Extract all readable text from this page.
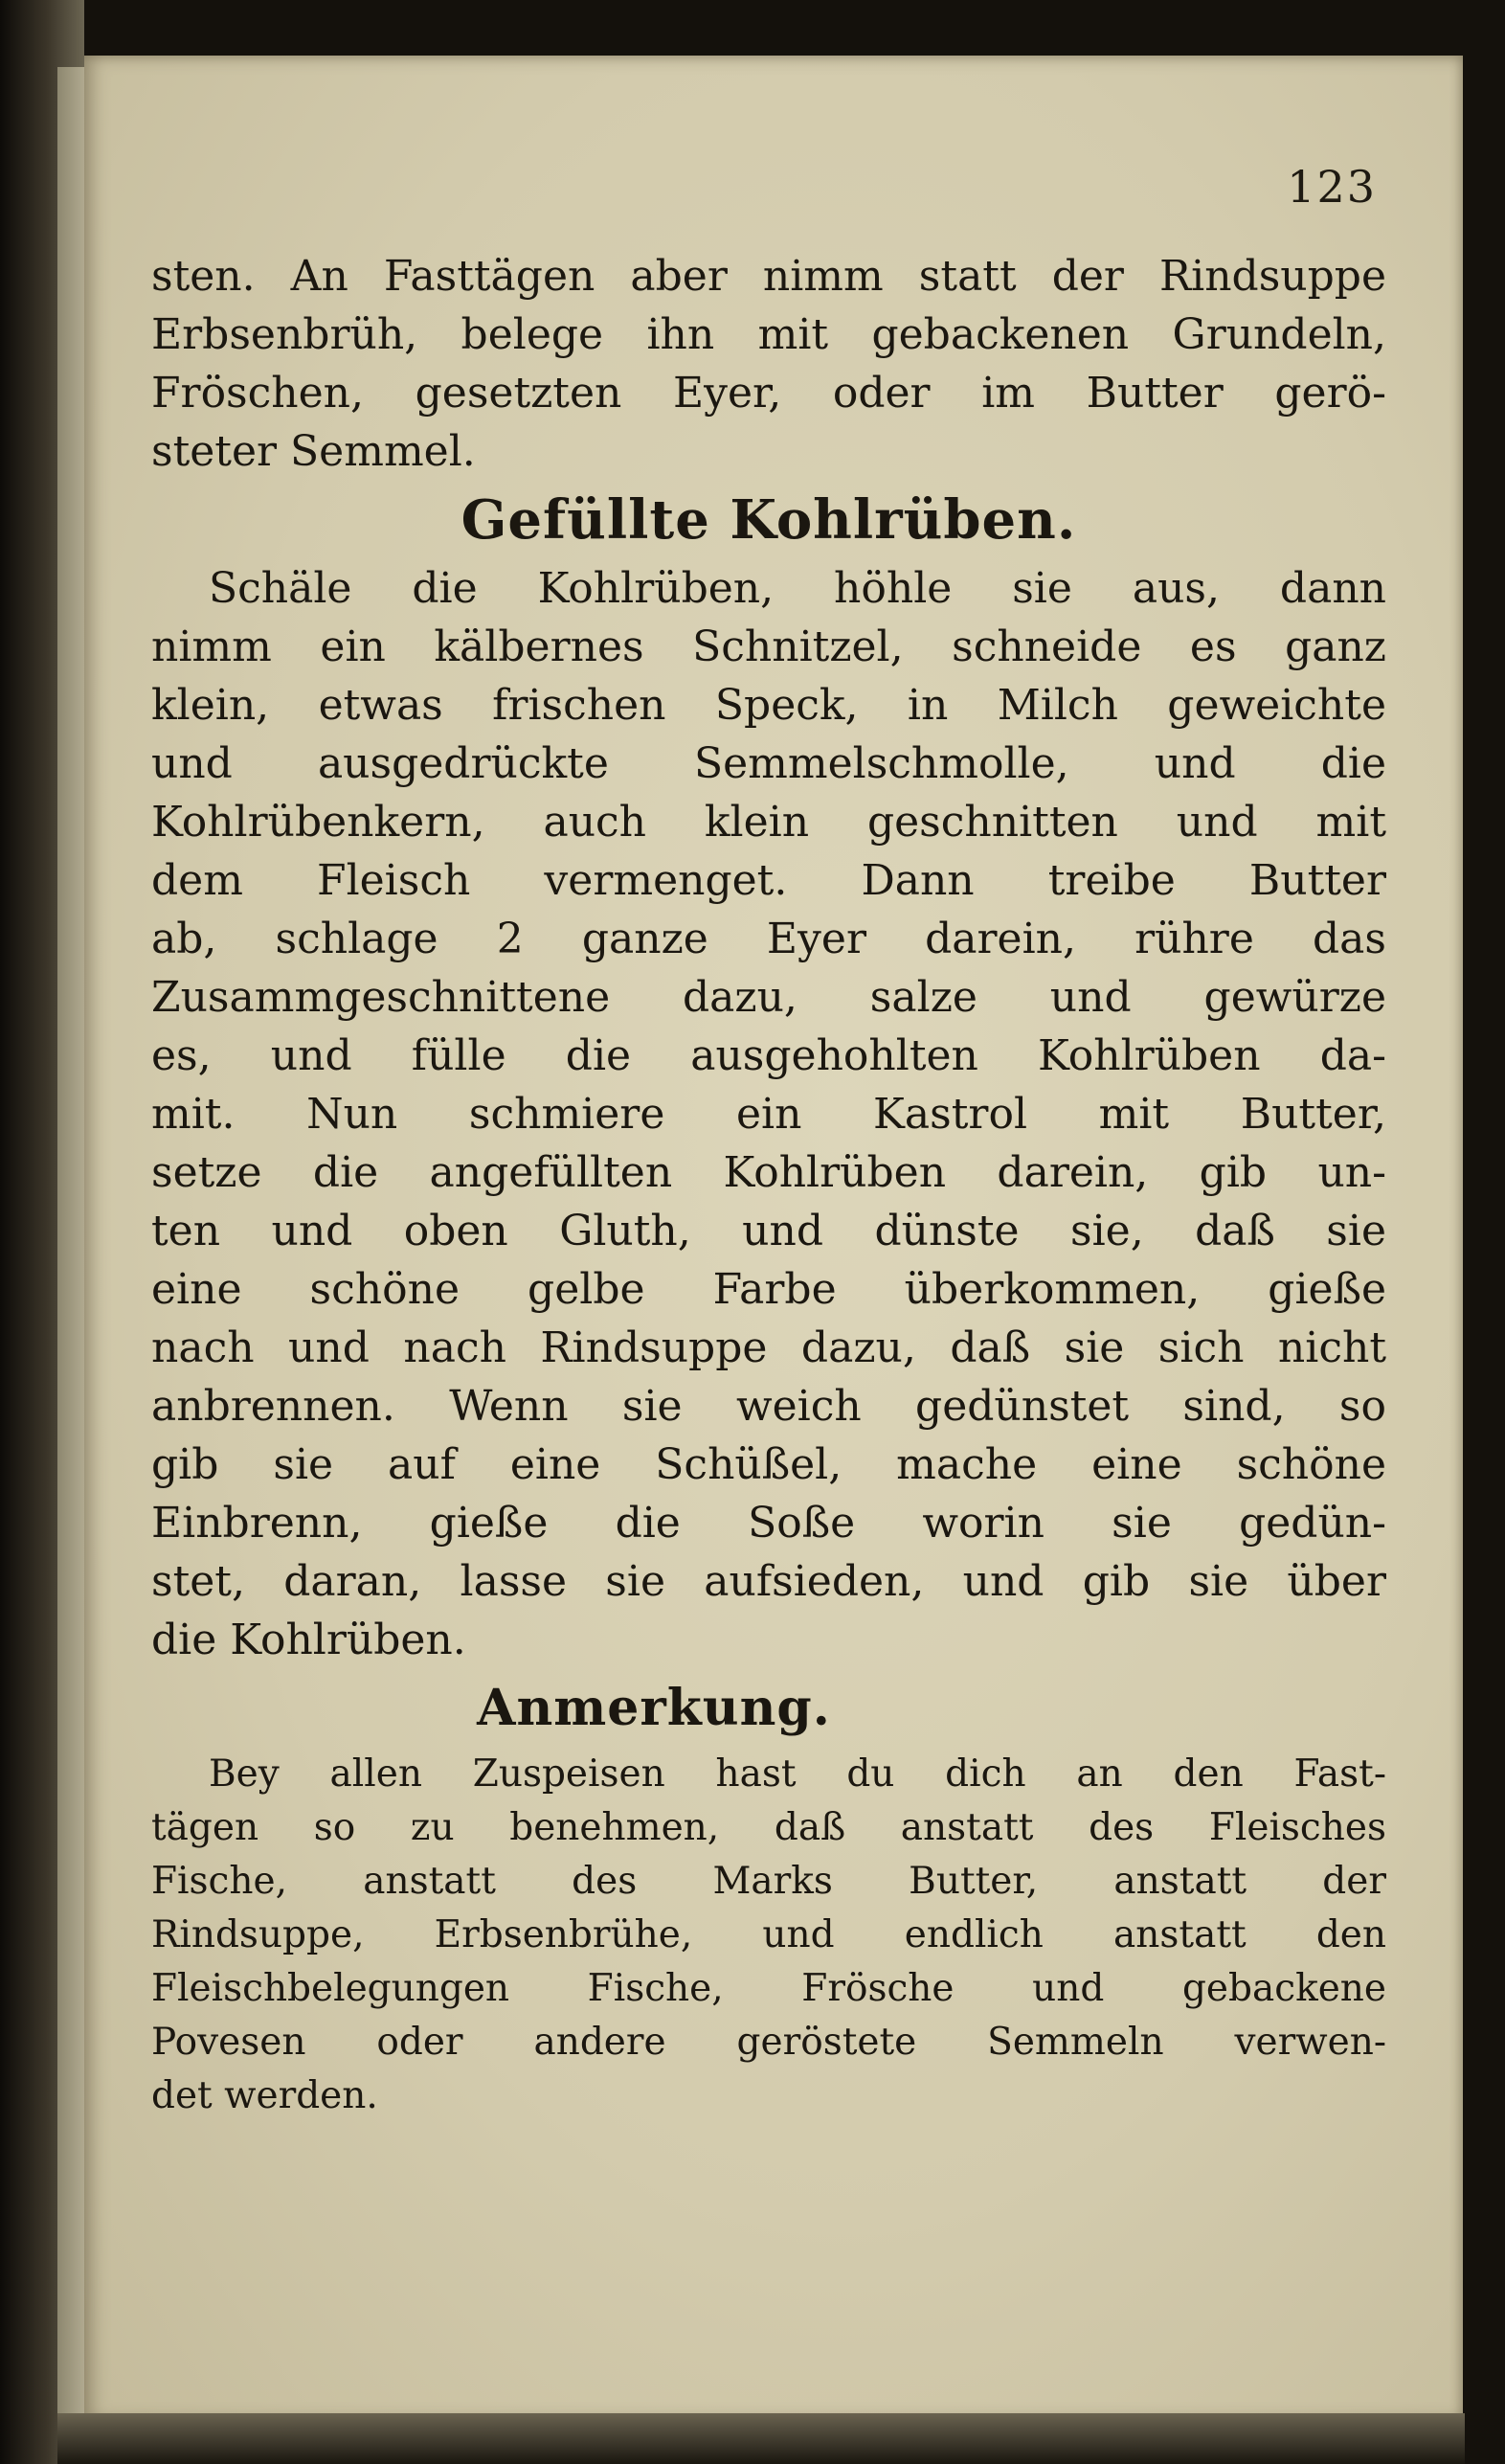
123
sten. An Fasttägen aber nimm statt der Rindsuppe
Erbsenbrüh, belege ihn mit gebackenen Grundeln,
Fröschen, gesetzten Eyer, oder im Butter gerö-
steter Semmel.
Gefüllte Kohlrüben.
Schäle die Kohlrüben, höhle sie aus, dann
nimm ein kälbernes Schnitzel, schneide es ganz
klein, etwas frischen Speck, in Milch geweichte
und ausgedrückte Semmelschmolle, und die
Kohlrübenkern, auch klein geschnitten und mit
dem Fleisch vermenget. Dann treibe Butter
ab, schlage 2 ganze Eyer darein, rühre das
Zusammgeschnittene dazu, salze und gewürze
es, und fülle die ausgehohlten Kohlrüben da-
mit. Nun schmiere ein Kastrol mit Butter,
setze die angefüllten Kohlrüben darein, gib un-
ten und oben Gluth, und dünste sie, daß sie
eine schöne gelbe Farbe überkommen, gieße
nach und nach Rindsuppe dazu, daß sie sich nicht
anbrennen. Wenn sie weich gedünstet sind, so
gib sie auf eine Schüßel, mache eine schöne
Einbrenn, gieße die Soße worin sie gedün-
stet, daran, lasse sie aufsieden, und gib sie über
die Kohlrüben.
Anmerkung.
Bey allen Zuspeisen hast du dich an den Fast-
tägen so zu benehmen, daß anstatt des Fleisches
Fische, anstatt des Marks Butter, anstatt der
Rindsuppe, Erbsenbrühe, und endlich anstatt den
Fleischbelegungen Fische, Frösche und gebackene
Povesen oder andere geröstete Semmeln verwen-
det werden.
